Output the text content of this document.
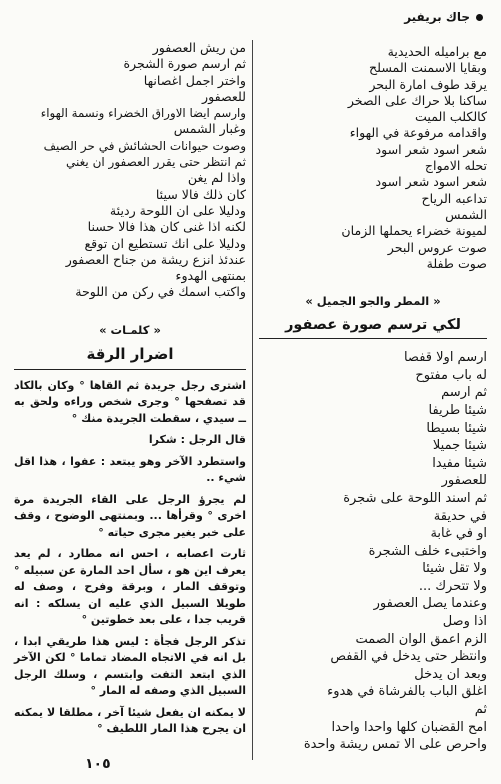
جاك بريفير
مع براميله الحديدية
وبقايا الاسمنت المسلح
يرقد طوف امارة البحر
ساكنا بلا حراك على الصخر
كالكلب الميت
واقدامه مرفوعة في الهواء
شعر اسود شعر اسود
تحله الامواج
شعر اسود شعر اسود
تداعبه الرياح
الشمس
لميونة خضراء يحملها الزمان
صوت عروس البحر
صوت طفلة
« المطر والجو الجميل »
لكي ترسم صورة عصفور
ارسم اولا قفصا
له باب مفتوح
ثم ارسم
شيئا طريفا
شيئا بسيطا
شيئا جميلا
شيئا مفيدا
للعصفور
ثم اسند اللوحة على شجرة
في حديقة
او في غابة
واختبىء خلف الشجرة
ولا تقل شيئا
ولا تتحرك ...
وعندما يصل العصفور
اذا وصل
الزم اعمق الوان الصمت
وانتظر حتى يدخل في القفص
وبعد ان يدخل
اغلق الباب بالفرشاة في هدوء
ثم
امح القضبان كلها واحدا واحدا
واحرص على الا تمس ريشة واحدة
من ريش العصفور
ثم ارسم صورة الشجرة
واختر اجمل اغصانها
للعصفور
وارسم ايضا الاوراق الخضراء ونسمة الهواء
وغبار الشمس
وصوت حيوانات الحشائش في حر الصيف
ثم انتظر حتى يقرر العصفور ان يغني
واذا لم يغن
كان ذلك فالا سيئا
ودليلا على ان اللوحة رديئة
لكنه اذا غنى كان هذا فالا حسنا
ودليلا على انك تستطيع ان توقع
عندئذ انزع ريشة من جناح العصفور
بمنتهى الهدوء
واكتب اسمك في ركن من اللوحة
« كلمـات »
اضرار الرقة

اشترى رجل جريدة ثم القاها ° وكان بالكاد قد تصفحها ° وجرى شخص وراءه ولحق به ــ سيدي ، سقطت الجريدة منك °

قال الرجل : شكرا

واستطرد الآخر وهو يبتعد : عفوا ، هذا اقل شيء ..

لم يجرؤ الرجل على القاء الجريدة مرة اخرى ° وقرأها ... وبمنتهى الوضوح ، وقف على خبر يغير مجرى حياته °

ثارت اعصابه ، احس انه مطارد ، لم يعد يعرف اين هو ، سأل احد المارة عن سبيله ° وتوقف المار ، وبرقة وفرح ، وصف له طويلا السبيل الذي عليه ان يسلكه : انه قريب جدا ، على بعد خطوتين °

تذكر الرجل فجأة : ليس هذا طريقي ابدا ، بل انه في الاتجاه المضاد تماما ° لكن الآخر الذي ابتعد التفت وابتسم ، وسلك الرجل السبيل الذي وصفه له المار °

لا يمكنه ان يفعل شيئا آخر ، مطلقا لا يمكنه ان يجرح هذا المار اللطيف °

١٠٥
